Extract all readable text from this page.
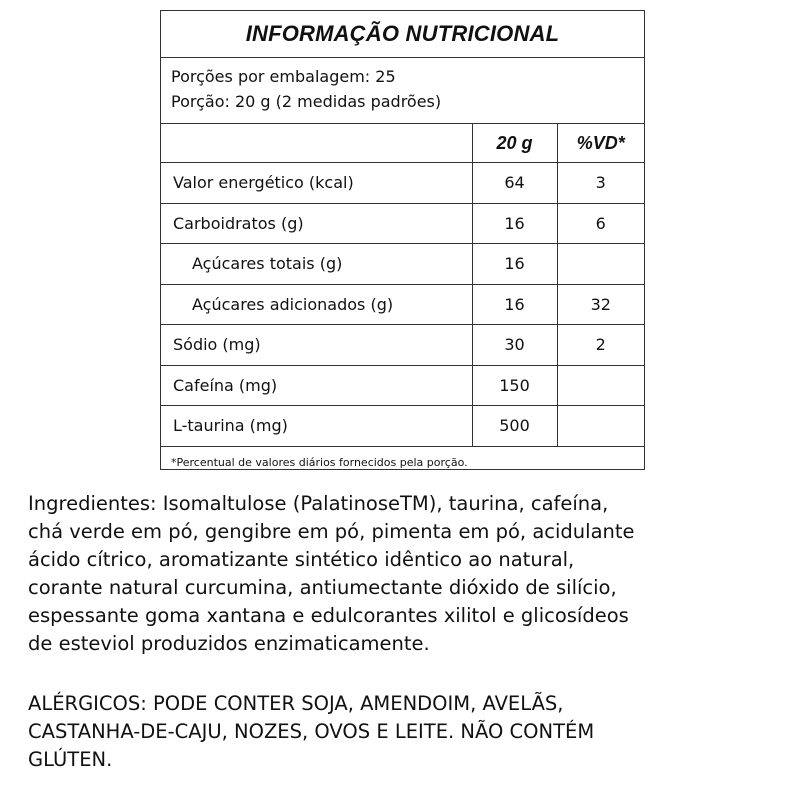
INFORMAÇÃO NUTRICIONAL
Porções por embalagem: 25
Porção: 20 g (2 medidas padrões)
	20 g	%VD*
Valor energético (kcal)	64	3
Carboidratos (g)	16	6
Açúcares totais (g)	16	
Açúcares adicionados (g)	16	32
Sódio (mg)	30	2
Cafeína (mg)	150	
L-taurina (mg)	500	
*Percentual de valores diários fornecidos pela porção.
Ingredientes: Isomaltulose (PalatinoseTM), taurina, cafeína,
chá verde em pó, gengibre em pó, pimenta em pó, acidulante
ácido cítrico, aromatizante sintético idêntico ao natural,
corante natural curcumina, antiumectante dióxido de silício,
espessante goma xantana e edulcorantes xilitol e glicosídeos
de esteviol produzidos enzimaticamente.
ALÉRGICOS: PODE CONTER SOJA, AMENDOIM, AVELÃS,
CASTANHA-DE-CAJU, NOZES, OVOS E LEITE. NÃO CONTÉM
GLÚTEN.
